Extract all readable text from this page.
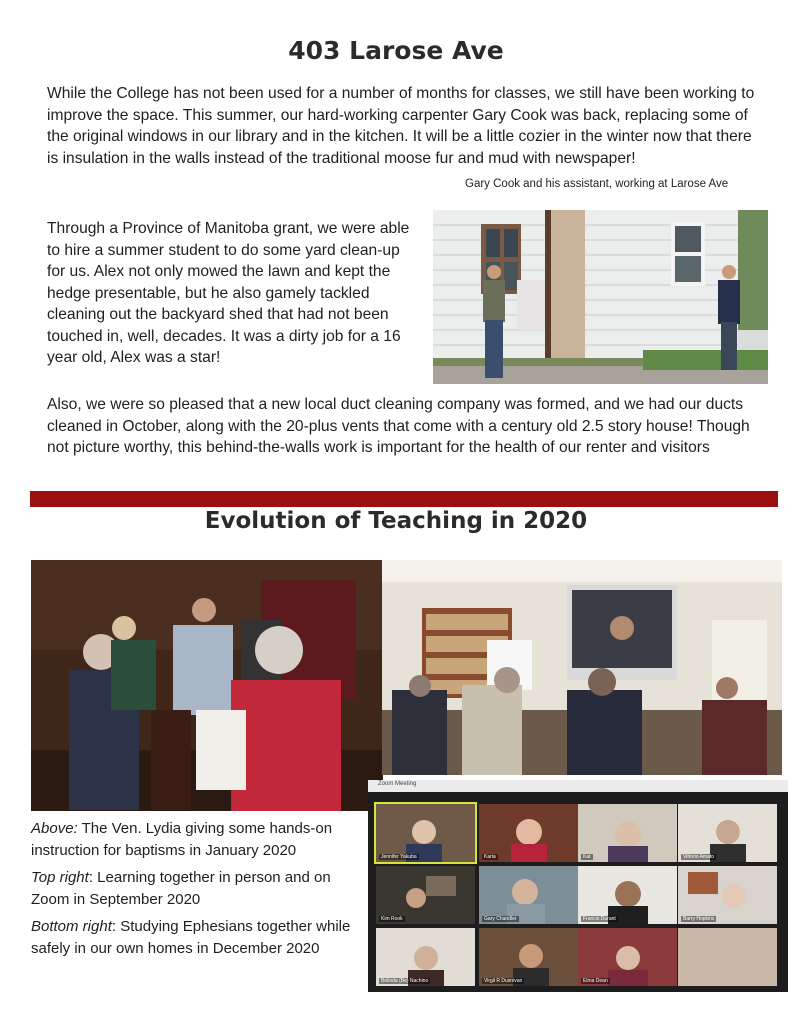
403 Larose Ave
While the College has not been used for a number of months for classes, we still have been working to improve the space. This summer, our hard-working carpenter Gary Cook was back, replacing some of the original windows in our library and in the kitchen. It will be a little cozier in the winter now that there is insulation in the walls instead of the traditional moose fur and mud with newspaper!
Gary Cook and his assistant, working at Larose Ave
Through a Province of Manitoba grant, we were able to hire a summer student to do some yard clean-up for us. Alex not only mowed the lawn and kept the hedge presentable, but he also gamely tackled cleaning out the backyard shed that had not been touched in, well, decades. It was a dirty job for a 16 year old, Alex was a star!
Also, we were so pleased that a new local duct cleaning company was formed, and we had our ducts cleaned in October, along with the 20-plus vents that come with a century old 2.5 story house! Though not picture worthy, this behind-the-walls work is important for the health of our renter and visitors
Evolution of Teaching in 2020
Zoom Meeting
Jennifer Yakuba	Karla	Kat	Vittorio Amato
Kim Rook	Gary Chandler	Francis Durant	Barry Hopkins
Belinda (Be) Nachino	Virgil R Dusnivan	Elma Dean

Above: The Ven. Lydia giving some hands-on instruction for baptisms in January 2020

Top right: Learning together in person and on Zoom in September 2020

Bottom right: Studying Ephesians together while safely in our own homes in December 2020
